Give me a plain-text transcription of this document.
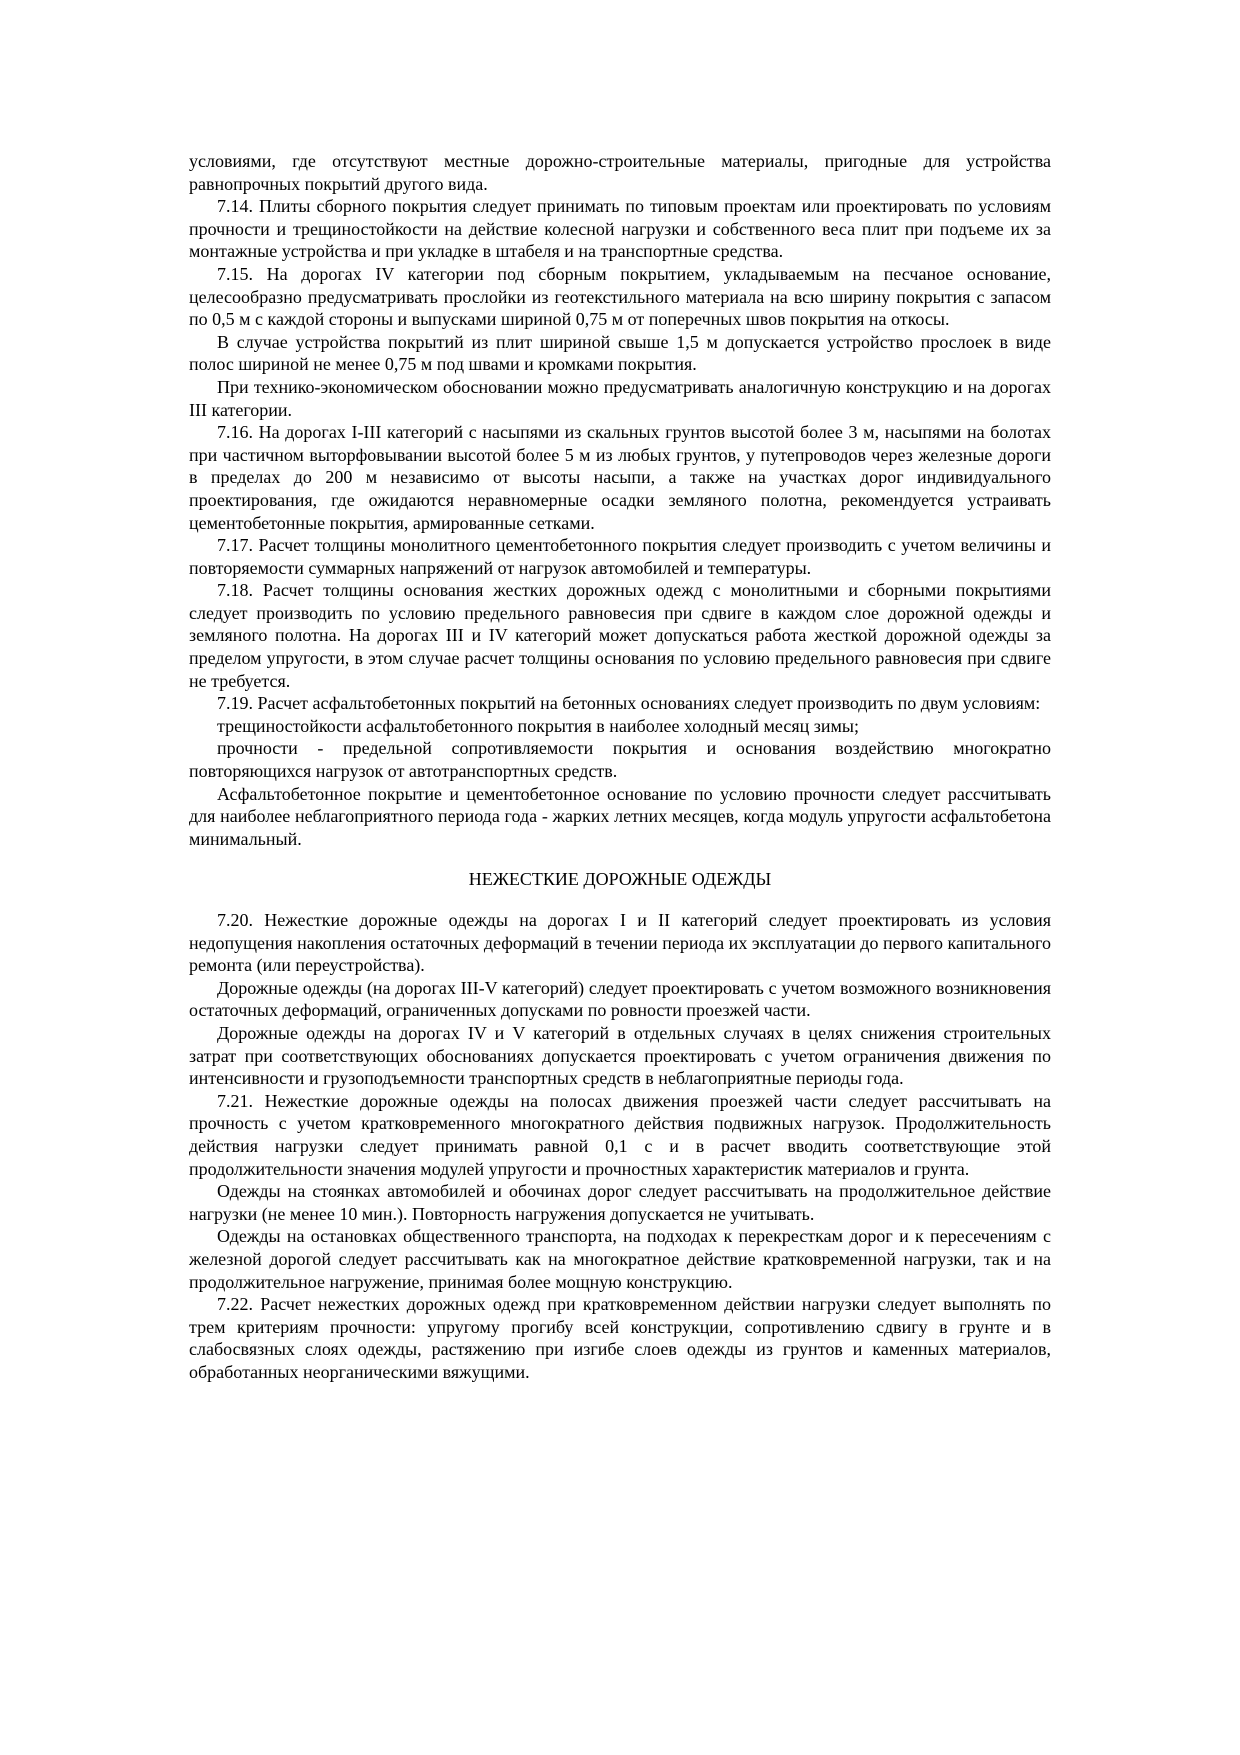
условиями, где отсутствуют местные дорожно-строительные материалы, пригодные для устройства равнопрочных покрытий другого вида.

7.14. Плиты сборного покрытия следует принимать по типовым проектам или проектировать по условиям прочности и трещиностойкости на действие колесной нагрузки и собственного веса плит при подъеме их за монтажные устройства и при укладке в штабеля и на транспортные средства.

7.15. На дорогах IV категории под сборным покрытием, укладываемым на песчаное основание, целесообразно предусматривать прослойки из геотекстильного материала на всю ширину покрытия с запасом по 0,5 м с каждой стороны и выпусками шириной 0,75 м от поперечных швов покрытия на откосы.

В случае устройства покрытий из плит шириной свыше 1,5 м допускается устройство прослоек в виде полос шириной не менее 0,75 м под швами и кромками покрытия.

При технико-экономическом обосновании можно предусматривать аналогичную конструкцию и на дорогах III категории.

7.16. На дорогах I-III категорий с насыпями из скальных грунтов высотой более 3 м, насыпями на болотах при частичном выторфовывании высотой более 5 м из любых грунтов, у путепроводов через железные дороги в пределах до 200 м независимо от высоты насыпи, а также на участках дорог индивидуального проектирования, где ожидаются неравномерные осадки земляного полотна, рекомендуется устраивать цементобетонные покрытия, армированные сетками.

7.17. Расчет толщины монолитного цементобетонного покрытия следует производить с учетом величины и повторяемости суммарных напряжений от нагрузок автомобилей и температуры.

7.18. Расчет толщины основания жестких дорожных одежд с монолитными и сборными покрытиями следует производить по условию предельного равновесия при сдвиге в каждом слое дорожной одежды и земляного полотна. На дорогах III и IV категорий может допускаться работа жесткой дорожной одежды за пределом упругости, в этом случае расчет толщины основания по условию предельного равновесия при сдвиге не требуется.

7.19. Расчет асфальтобетонных покрытий на бетонных основаниях следует производить по двум условиям:

трещиностойкости асфальтобетонного покрытия в наиболее холодный месяц зимы;

прочности - предельной сопротивляемости покрытия и основания воздействию многократно повторяющихся нагрузок от автотранспортных средств.

Асфальтобетонное покрытие и цементобетонное основание по условию прочности следует рассчитывать для наиболее неблагоприятного периода года - жарких летних месяцев, когда модуль упругости асфальтобетона минимальный.

НЕЖЕСТКИЕ ДОРОЖНЫЕ ОДЕЖДЫ

7.20. Нежесткие дорожные одежды на дорогах I и II категорий следует проектировать из условия недопущения накопления остаточных деформаций в течении периода их эксплуатации до первого капитального ремонта (или переустройства).

Дорожные одежды (на дорогах III-V категорий) следует проектировать с учетом возможного возникновения остаточных деформаций, ограниченных допусками по ровности проезжей части.

Дорожные одежды на дорогах IV и V категорий в отдельных случаях в целях снижения строительных затрат при соответствующих обоснованиях допускается проектировать с учетом ограничения движения по интенсивности и грузоподъемности транспортных средств в неблагоприятные периоды года.

7.21. Нежесткие дорожные одежды на полосах движения проезжей части следует рассчитывать на прочность с учетом кратковременного многократного действия подвижных нагрузок. Продолжительность действия нагрузки следует принимать равной 0,1 с и в расчет вводить соответствующие этой продолжительности значения модулей упругости и прочностных характеристик материалов и грунта.

Одежды на стоянках автомобилей и обочинах дорог следует рассчитывать на продолжительное действие нагрузки (не менее 10 мин.). Повторность нагружения допускается не учитывать.

Одежды на остановках общественного транспорта, на подходах к перекресткам дорог и к пересечениям с железной дорогой следует рассчитывать как на многократное действие кратковременной нагрузки, так и на продолжительное нагружение, принимая более мощную конструкцию.

7.22. Расчет нежестких дорожных одежд при кратковременном действии нагрузки следует выполнять по трем критериям прочности: упругому прогибу всей конструкции, сопротивлению сдвигу в грунте и в слабосвязных слоях одежды, растяжению при изгибе слоев одежды из грунтов и каменных материалов, обработанных неорганическими вяжущими.
